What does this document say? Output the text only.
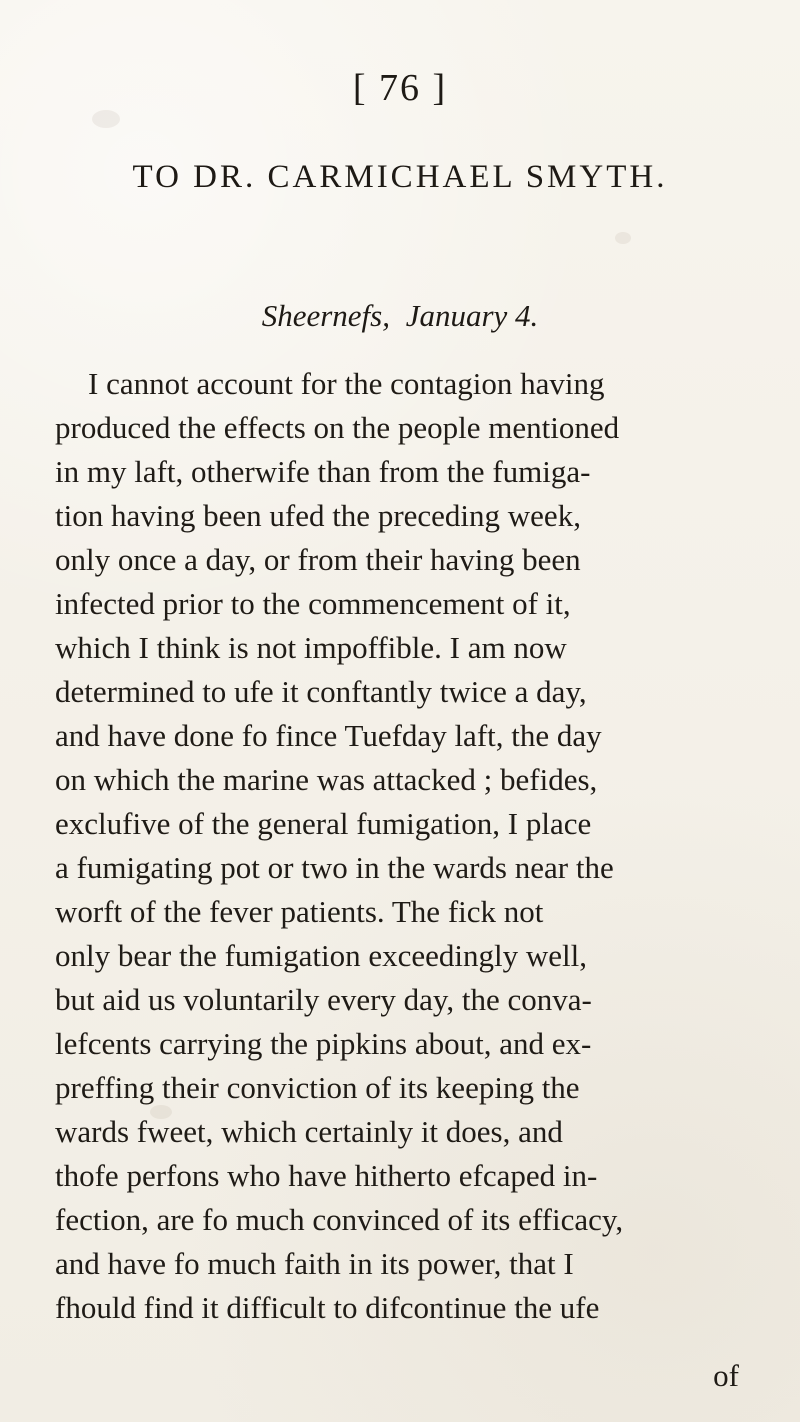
[ 76 ]
TO DR. CARMICHAEL SMYTH.
Sheernefs, January 4.
I cannot account for the contagion having
produced the effects on the people mentioned
in my laft, otherwife than from the fumiga-
tion having been ufed the preceding week,
only once a day, or from their having been
infected prior to the commencement of it,
which I think is not impoffible. I am now
determined to ufe it conftantly twice a day,
and have done fo fince Tuefday laft, the day
on which the marine was attacked ; befides,
exclufive of the general fumigation, I place
a fumigating pot or two in the wards near the
worft of the fever patients. The fick not
only bear the fumigation exceedingly well,
but aid us voluntarily every day, the conva-
lefcents carrying the pipkins about, and ex-
preffing their conviction of its keeping the
wards fweet, which certainly it does, and
thofe perfons who have hitherto efcaped in-
fection, are fo much convinced of its efficacy,
and have fo much faith in its power, that I
fhould find it difficult to difcontinue the ufe
of
